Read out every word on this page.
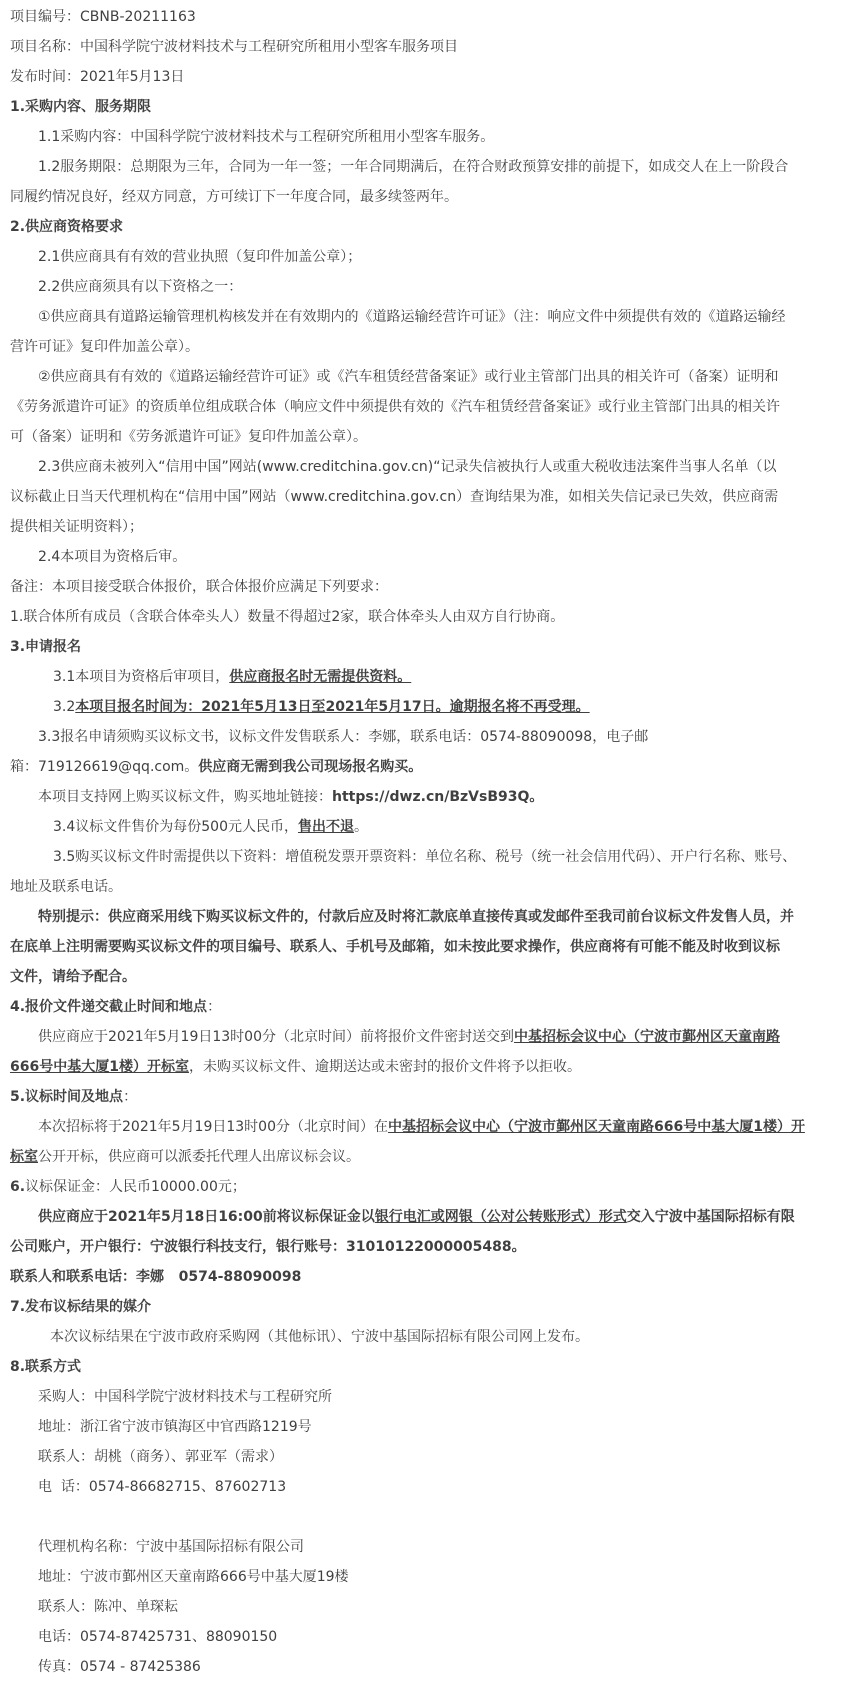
项目编号：CBNB-20211163

项目名称：中国科学院宁波材料技术与工程研究所租用小型客车服务项目

发布时间：2021年5月13日

1.采购内容、服务期限

1.1采购内容：中国科学院宁波材料技术与工程研究所租用小型客车服务。

1.2服务期限：总期限为三年，合同为一年一签；一年合同期满后，在符合财政预算安排的前提下，如成交人在上一阶段合

同履约情况良好，经双方同意，方可续订下一年度合同，最多续签两年。

2.供应商资格要求

2.1供应商具有有效的营业执照（复印件加盖公章）；

2.2供应商须具有以下资格之一：

①供应商具有道路运输管理机构核发并在有效期内的《道路运输经营许可证》（注：响应文件中须提供有效的《道路运输经

营许可证》复印件加盖公章）。

②供应商具有有效的《道路运输经营许可证》或《汽车租赁经营备案证》或行业主管部门出具的相关许可（备案）证明和

《劳务派遣许可证》的资质单位组成联合体（响应文件中须提供有效的《汽车租赁经营备案证》或行业主管部门出具的相关许

可（备案）证明和《劳务派遣许可证》复印件加盖公章）。

2.3供应商未被列入“信用中国”网站(www.creditchina.gov.cn)“记录失信被执行人或重大税收违法案件当事人名单（以

议标截止日当天代理机构在“信用中国”网站（www.creditchina.gov.cn）查询结果为准，如相关失信记录已失效，供应商需

提供相关证明资料）；

2.4本项目为资格后审。

备注：本项目接受联合体报价，联合体报价应满足下列要求：

1.联合体所有成员（含联合体牵头人）数量不得超过2家，联合体牵头人由双方自行协商。

3.申请报名

3.1本项目为资格后审项目，供应商报名时无需提供资料。

3.2本项目报名时间为：2021年5月13日至2021年5月17日。逾期报名将不再受理。

3.3报名申请须购买议标文书，议标文件发售联系人：李娜，联系电话：0574-88090098，电子邮

箱：719126619@qq.com。供应商无需到我公司现场报名购买。

本项目支持网上购买议标文件，购买地址链接：https://dwz.cn/BzVsB93Q。

3.4议标文件售价为每份500元人民币，售出不退。

3.5购买议标文件时需提供以下资料：增值税发票开票资料：单位名称、税号（统一社会信用代码）、开户行名称、账号、

地址及联系电话。

特别提示：供应商采用线下购买议标文件的，付款后应及时将汇款底单直接传真或发邮件至我司前台议标文件发售人员，并

在底单上注明需要购买议标文件的项目编号、联系人、手机号及邮箱，如未按此要求操作，供应商将有可能不能及时收到议标

文件，请给予配合。

4.报价文件递交截止时间和地点：

供应商应于2021年5月19日13时00分（北京时间）前将报价文件密封送交到中基招标会议中心（宁波市鄞州区天童南路

666号中基大厦1楼）开标室，未购买议标文件、逾期送达或未密封的报价文件将予以拒收。

5.议标时间及地点：

本次招标将于2021年5月19日13时00分（北京时间）在中基招标会议中心（宁波市鄞州区天童南路666号中基大厦1楼）开

标室公开开标，供应商可以派委托代理人出席议标会议。

6.议标保证金：人民币10000.00元；

供应商应于2021年5月18日16:00前将议标保证金以银行电汇或网银（公对公转账形式）形式交入宁波中基国际招标有限

公司账户，开户银行：宁波银行科技支行，银行账号：31010122000005488。

联系人和联系电话：李娜   0574-88090098

7.发布议标结果的媒介

本次议标结果在宁波市政府采购网（其他标讯）、宁波中基国际招标有限公司网上发布。

8.联系方式

采购人：中国科学院宁波材料技术与工程研究所

地址：浙江省宁波市镇海区中官西路1219号

联系人：胡桃（商务）、郭亚军（需求）

电  话：0574-86682715、87602713

代理机构名称：宁波中基国际招标有限公司

地址：宁波市鄞州区天童南路666号中基大厦19楼

联系人：陈冲、单琛耘

电话：0574-87425731、88090150

传真：0574 - 87425386
